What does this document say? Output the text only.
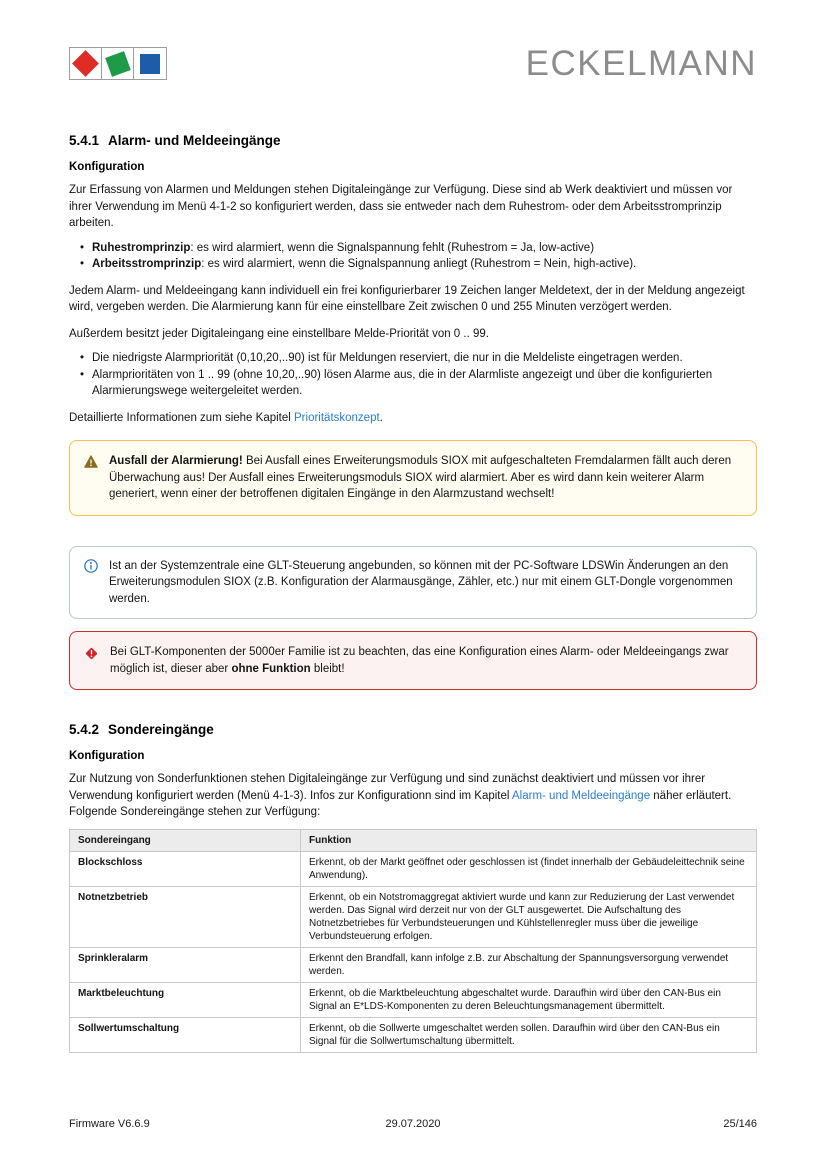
ECKELMANN
5.4.1 Alarm- und Meldeeingänge
Konfiguration

Zur Erfassung von Alarmen und Meldungen stehen Digitaleingänge zur Verfügung. Diese sind ab Werk deaktiviert und müssen vor ihrer Verwendung im Menü 4-1-2 so konfiguriert werden, dass sie entweder nach dem Ruhestrom- oder dem Arbeitsstromprinzip arbeiten.

• Ruhestromprinzip: es wird alarmiert, wenn die Signalspannung fehlt (Ruhestrom = Ja, low-active)
• Arbeitsstromprinzip: es wird alarmiert, wenn die Signalspannung anliegt (Ruhestrom = Nein, high-active).

Jedem Alarm- und Meldeeingang kann individuell ein frei konfigurierbarer 19 Zeichen langer Meldetext, der in der Meldung angezeigt wird, vergeben werden. Die Alarmierung kann für eine einstellbare Zeit zwischen 0 und 255 Minuten verzögert werden.

Außerdem besitzt jeder Digitaleingang eine einstellbare Melde-Priorität von 0 .. 99.

• Die niedrigste Alarmpriorität (0,10,20,..90) ist für Meldungen reserviert, die nur in die Meldeliste eingetragen werden.
• Alarmprioritäten von 1 .. 99 (ohne 10,20,..90) lösen Alarme aus, die in der Alarmliste angezeigt und über die konfigurierten Alarmierungswege weitergeleitet werden.

Detaillierte Informationen zum siehe Kapitel Prioritätskonzept.

Ausfall der Alarmierung! Bei Ausfall eines Erweiterungsmoduls SIOX mit aufgeschalteten Fremdalarmen fällt auch deren Überwachung aus! Der Ausfall eines Erweiterungsmoduls SIOX wird alarmiert. Aber es wird dann kein weiterer Alarm generiert, wenn einer der betroffenen digitalen Eingänge in den Alarmzustand wechselt!
Ist an der Systemzentrale eine GLT-Steuerung angebunden, so können mit der PC-Software LDSWin Änderungen an den Erweiterungsmodulen SIOX (z.B. Konfiguration der Alarmausgänge, Zähler, etc.) nur mit einem GLT-Dongle vorgenommen werden.
Bei GLT-Komponenten der 5000er Familie ist zu beachten, das eine Konfiguration eines Alarm- oder Meldeeingangs zwar möglich ist, dieser aber ohne Funktion bleibt!
5.4.2 Sondereingänge
Konfiguration

Zur Nutzung von Sonderfunktionen stehen Digitaleingänge zur Verfügung und sind zunächst deaktiviert und müssen vor ihrer Verwendung konfiguriert werden (Menü 4-1-3). Infos zur Konfigurationn sind im Kapitel Alarm- und Meldeeingänge näher erläutert. Folgende Sondereingänge stehen zur Verfügung:

Sondereingang	Funktion
Blockschloss	Erkennt, ob der Markt geöffnet oder geschlossen ist (findet innerhalb der Gebäudeleittechnik seine Anwendung).
Notnetzbetrieb	Erkennt, ob ein Notstromaggregat aktiviert wurde und kann zur Reduzierung der Last verwendet werden. Das Signal wird derzeit nur von der GLT ausgewertet. Die Aufschaltung des Notnetzbetriebes für Verbundsteuerungen und Kühlstellenregler muss über die jeweilige Verbundsteuerung erfolgen.
Sprinkleralarm	Erkennt den Brandfall, kann infolge z.B. zur Abschaltung der Spannungsversorgung verwendet werden.
Marktbeleuchtung	Erkennt, ob die Marktbeleuchtung abgeschaltet wurde. Daraufhin wird über den CAN-Bus ein Signal an E*LDS-Komponenten zu deren Beleuchtungsmanagement übermittelt.
Sollwertumschaltung	Erkennt, ob die Sollwerte umgeschaltet werden sollen. Daraufhin wird über den CAN-Bus ein Signal für die Sollwertumschaltung übermittelt.
Firmware V6.6.9	29.07.2020	25/146
